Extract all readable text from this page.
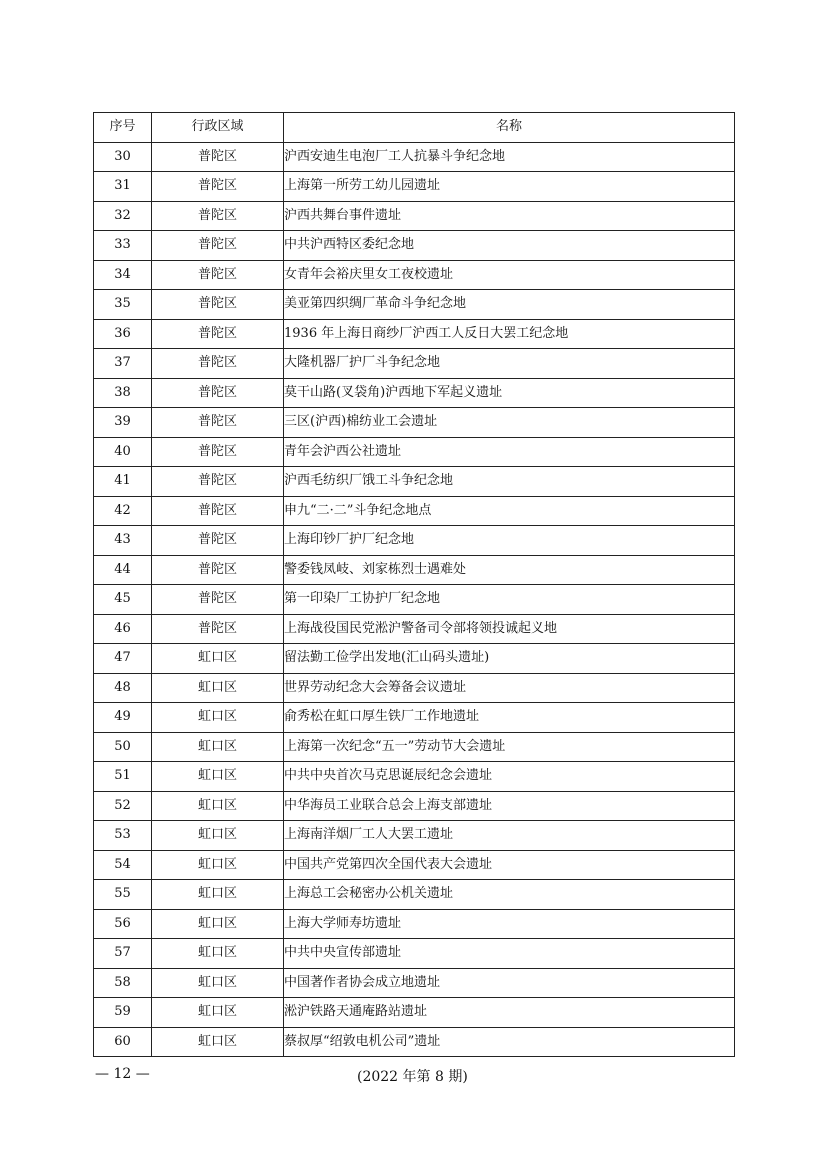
序号	行政区域	名称
30	普陀区	沪西安迪生电泡厂工人抗暴斗争纪念地
31	普陀区	上海第一所劳工幼儿园遗址
32	普陀区	沪西共舞台事件遗址
33	普陀区	中共沪西特区委纪念地
34	普陀区	女青年会裕庆里女工夜校遗址
35	普陀区	美亚第四织绸厂革命斗争纪念地
36	普陀区	1936 年上海日商纱厂沪西工人反日大罢工纪念地
37	普陀区	大隆机器厂护厂斗争纪念地
38	普陀区	莫干山路(叉袋角)沪西地下军起义遗址
39	普陀区	三区(沪西)棉纺业工会遗址
40	普陀区	青年会沪西公社遗址
41	普陀区	沪西毛纺织厂饿工斗争纪念地
42	普陀区	申九“二·二”斗争纪念地点
43	普陀区	上海印钞厂护厂纪念地
44	普陀区	警委钱凤岐、刘家栋烈士遇难处
45	普陀区	第一印染厂工协护厂纪念地
46	普陀区	上海战役国民党淞沪警备司令部将领投诚起义地
47	虹口区	留法勤工俭学出发地(汇山码头遗址)
48	虹口区	世界劳动纪念大会筹备会议遗址
49	虹口区	俞秀松在虹口厚生铁厂工作地遗址
50	虹口区	上海第一次纪念“五一”劳动节大会遗址
51	虹口区	中共中央首次马克思诞辰纪念会遗址
52	虹口区	中华海员工业联合总会上海支部遗址
53	虹口区	上海南洋烟厂工人大罢工遗址
54	虹口区	中国共产党第四次全国代表大会遗址
55	虹口区	上海总工会秘密办公机关遗址
56	虹口区	上海大学师寿坊遗址
57	虹口区	中共中央宣传部遗址
58	虹口区	中国著作者协会成立地遗址
59	虹口区	淞沪铁路天通庵路站遗址
60	虹口区	蔡叔厚“绍敦电机公司”遗址
— 12 —	(2022 年第 8 期)
